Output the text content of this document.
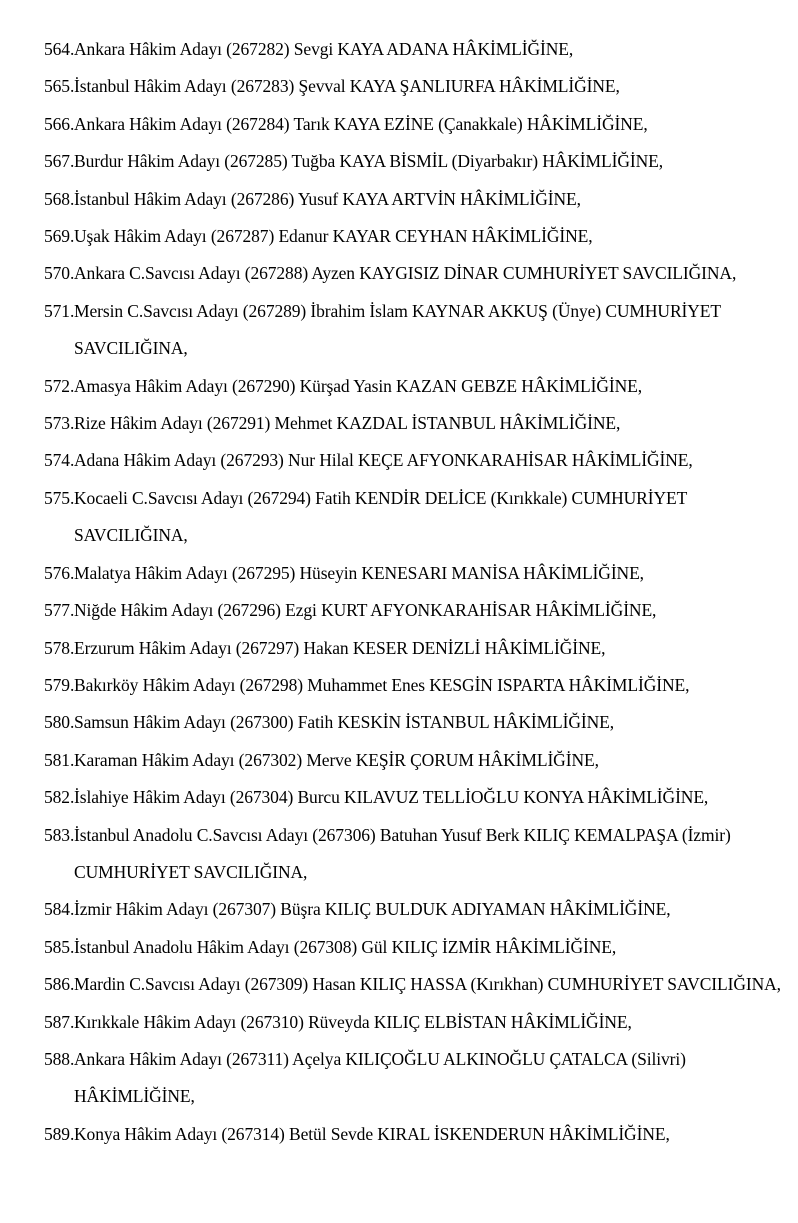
564. Ankara Hâkim Adayı (267282) Sevgi KAYA ADANA HÂKİMLİĞİNE,
565. İstanbul Hâkim Adayı (267283) Şevval KAYA ŞANLIURFA HÂKİMLİĞİNE,
566. Ankara Hâkim Adayı (267284) Tarık KAYA EZİNE (Çanakkale) HÂKİMLİĞİNE,
567. Burdur Hâkim Adayı (267285) Tuğba KAYA BİSMİL (Diyarbakır) HÂKİMLİĞİNE,
568. İstanbul Hâkim Adayı (267286) Yusuf KAYA ARTVİN HÂKİMLİĞİNE,
569. Uşak Hâkim Adayı (267287) Edanur KAYAR CEYHAN HÂKİMLİĞİNE,
570. Ankara C.Savcısı Adayı (267288) Ayzen KAYGISIZ DİNAR CUMHURİYET SAVCILIĞINA,
571. Mersin C.Savcısı Adayı (267289) İbrahim İslam KAYNAR AKKUŞ (Ünye) CUMHURİYET
SAVCILIĞINA,
572. Amasya Hâkim Adayı (267290) Kürşad Yasin KAZAN GEBZE HÂKİMLİĞİNE,
573. Rize Hâkim Adayı (267291) Mehmet KAZDAL İSTANBUL HÂKİMLİĞİNE,
574. Adana Hâkim Adayı (267293) Nur Hilal KEÇE AFYONKARAHİSAR HÂKİMLİĞİNE,
575. Kocaeli C.Savcısı Adayı (267294) Fatih KENDİR DELİCE (Kırıkkale) CUMHURİYET
SAVCILIĞINA,
576. Malatya Hâkim Adayı (267295) Hüseyin KENESARI MANİSA HÂKİMLİĞİNE,
577. Niğde Hâkim Adayı (267296) Ezgi KURT AFYONKARAHİSAR HÂKİMLİĞİNE,
578. Erzurum Hâkim Adayı (267297) Hakan KESER DENİZLİ HÂKİMLİĞİNE,
579. Bakırköy Hâkim Adayı (267298) Muhammet Enes KESGİN ISPARTA HÂKİMLİĞİNE,
580. Samsun Hâkim Adayı (267300) Fatih KESKİN İSTANBUL HÂKİMLİĞİNE,
581. Karaman Hâkim Adayı (267302) Merve KEŞİR ÇORUM HÂKİMLİĞİNE,
582. İslahiye Hâkim Adayı (267304) Burcu KILAVUZ TELLİOĞLU KONYA HÂKİMLİĞİNE,
583. İstanbul Anadolu C.Savcısı Adayı (267306) Batuhan Yusuf Berk KILIÇ KEMALPAŞA (İzmir)
CUMHURİYET SAVCILIĞINA,
584. İzmir Hâkim Adayı (267307) Büşra KILIÇ BULDUK ADIYAMAN HÂKİMLİĞİNE,
585. İstanbul Anadolu Hâkim Adayı (267308) Gül KILIÇ İZMİR HÂKİMLİĞİNE,
586. Mardin C.Savcısı Adayı (267309) Hasan KILIÇ HASSA (Kırıkhan) CUMHURİYET SAVCILIĞINA,
587. Kırıkkale Hâkim Adayı (267310) Rüveyda KILIÇ ELBİSTAN HÂKİMLİĞİNE,
588. Ankara Hâkim Adayı (267311) Açelya KILIÇOĞLU ALKINOĞLU ÇATALCA (Silivri)
HÂKİMLİĞİNE,
589. Konya Hâkim Adayı (267314) Betül Sevde KIRAL İSKENDERUN HÂKİMLİĞİNE,
